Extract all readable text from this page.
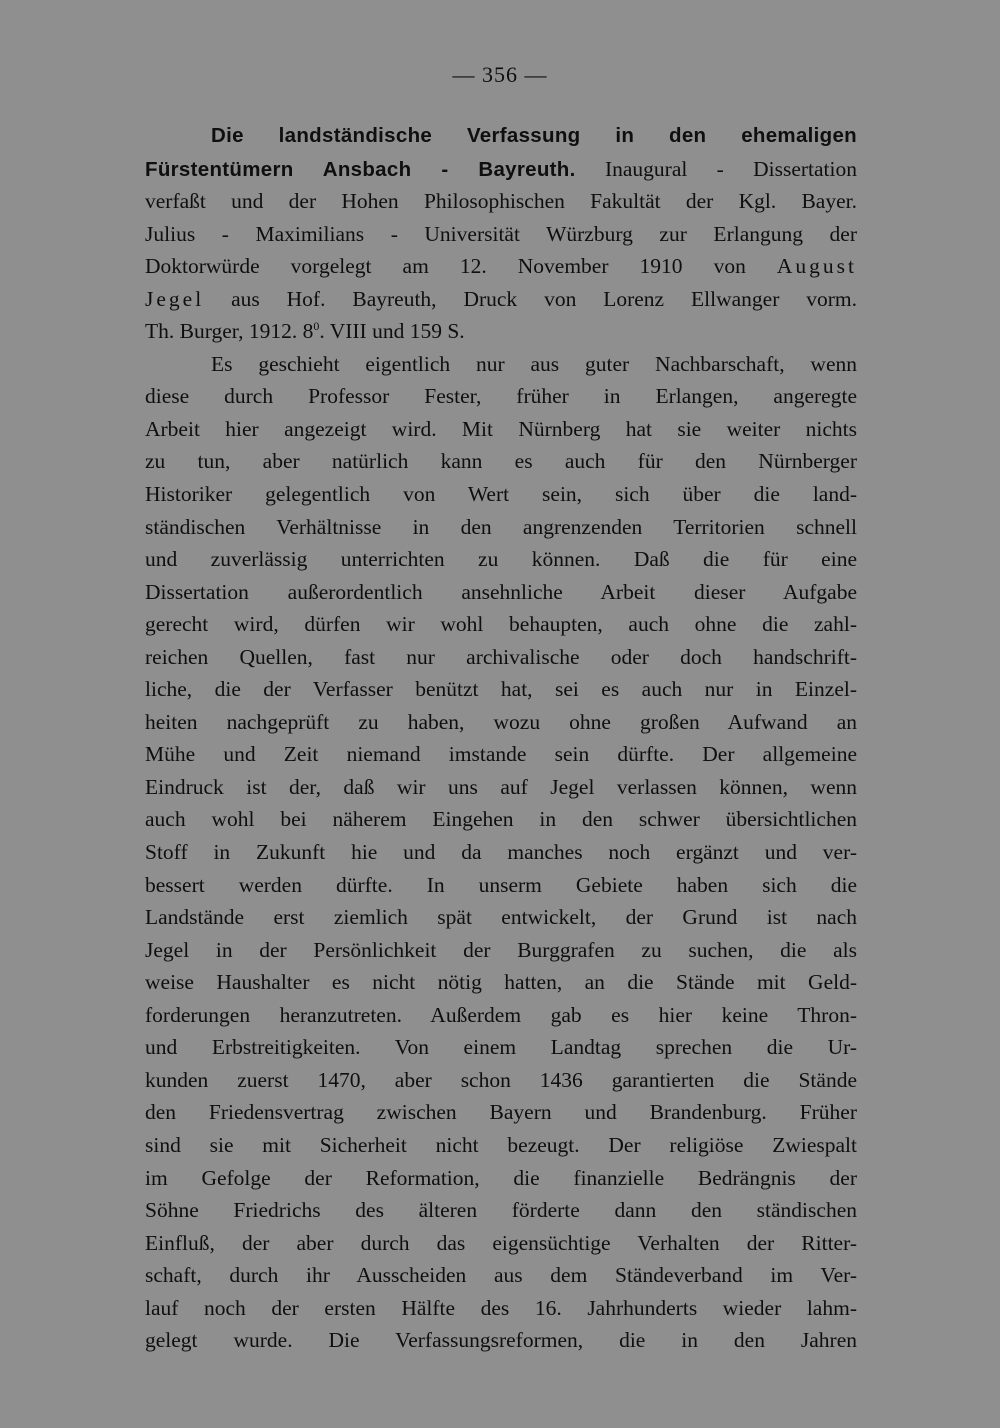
— 356 —
Die landständische Verfassung in den ehemaligen
Fürstentümern Ansbach - Bayreuth. Inaugural - Dissertation
verfaßt und der Hohen Philosophischen Fakultät der Kgl. Bayer.
Julius - Maximilians - Universität Würzburg zur Erlangung der
Doktorwürde vorgelegt am 12. November 1910 von August
Jegel aus Hof. Bayreuth, Druck von Lorenz Ellwanger vorm.
Th. Burger, 1912. $8^0$. VIII und 159 S.
Es geschieht eigentlich nur aus guter Nachbarschaft, wenn
diese durch Professor Fester, früher in Erlangen, angeregte
Arbeit hier angezeigt wird. Mit Nürnberg hat sie weiter nichts
zu tun, aber natürlich kann es auch für den Nürnberger
Historiker gelegentlich von Wert sein, sich über die land-
ständischen Verhältnisse in den angrenzenden Territorien schnell
und zuverlässig unterrichten zu können. Daß die für eine
Dissertation außerordentlich ansehnliche Arbeit dieser Aufgabe
gerecht wird, dürfen wir wohl behaupten, auch ohne die zahl-
reichen Quellen, fast nur archivalische oder doch handschrift-
liche, die der Verfasser benützt hat, sei es auch nur in Einzel-
heiten nachgeprüft zu haben, wozu ohne großen Aufwand an
Mühe und Zeit niemand imstande sein dürfte. Der allgemeine
Eindruck ist der, daß wir uns auf Jegel verlassen können, wenn
auch wohl bei näherem Eingehen in den schwer übersichtlichen
Stoff in Zukunft hie und da manches noch ergänzt und ver-
bessert werden dürfte. In unserm Gebiete haben sich die
Landstände erst ziemlich spät entwickelt, der Grund ist nach
Jegel in der Persönlichkeit der Burggrafen zu suchen, die als
weise Haushalter es nicht nötig hatten, an die Stände mit Geld-
forderungen heranzutreten. Außerdem gab es hier keine Thron-
und Erbstreitigkeiten. Von einem Landtag sprechen die Ur-
kunden zuerst 1470, aber schon 1436 garantierten die Stände
den Friedensvertrag zwischen Bayern und Brandenburg. Früher
sind sie mit Sicherheit nicht bezeugt. Der religiöse Zwiespalt
im Gefolge der Reformation, die finanzielle Bedrängnis der
Söhne Friedrichs des älteren förderte dann den ständischen
Einfluß, der aber durch das eigensüchtige Verhalten der Ritter-
schaft, durch ihr Ausscheiden aus dem Ständeverband im Ver-
lauf noch der ersten Hälfte des 16. Jahrhunderts wieder lahm-
gelegt wurde. Die Verfassungsreformen, die in den Jahren
